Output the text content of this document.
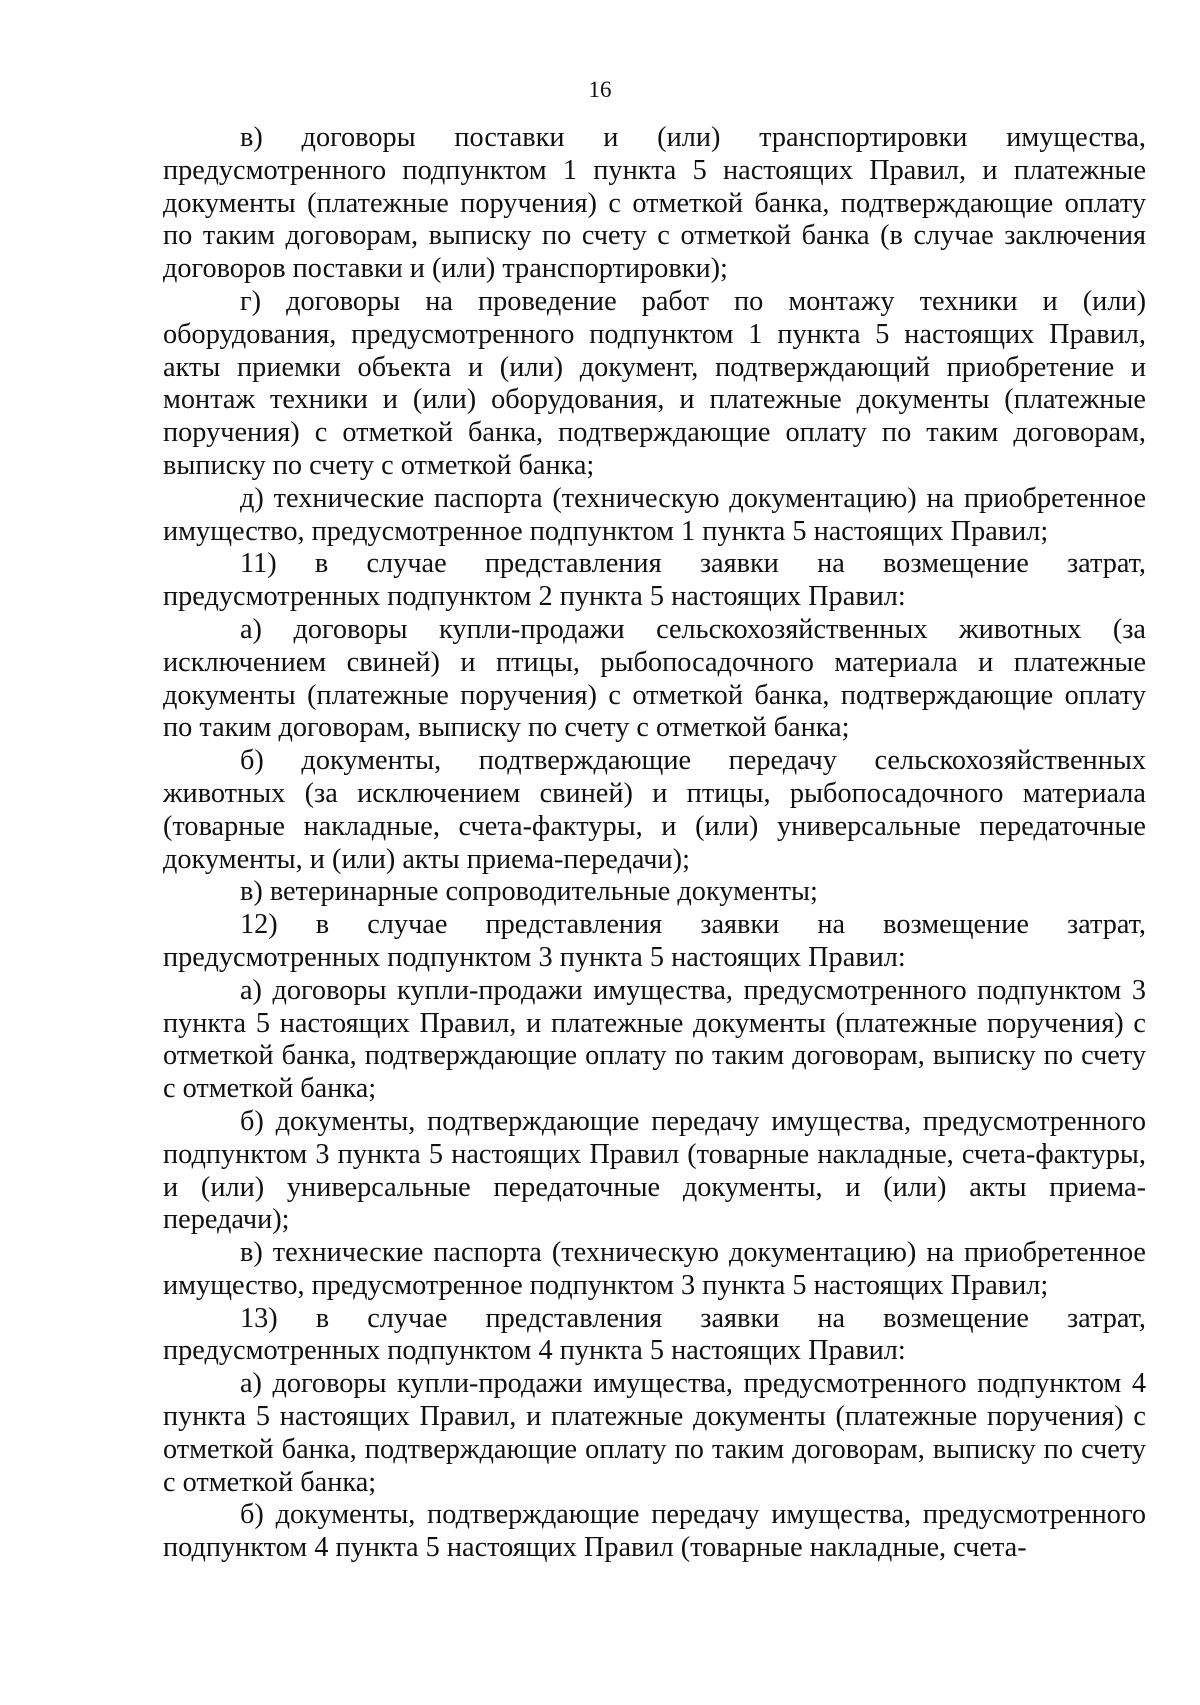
16

в) договоры поставки и (или) транспортировки имущества, предусмотренного подпунктом 1 пункта 5 настоящих Правил, и платежные документы (платежные поручения) с отметкой банка, подтверждающие оплату по таким договорам, выписку по счету с отметкой банка (в случае заключения договоров поставки и (или) транспортировки);

г) договоры на проведение работ по монтажу техники и (или) оборудования, предусмотренного подпунктом 1 пункта 5 настоящих Правил, акты приемки объекта и (или) документ, подтверждающий приобретение и монтаж техники и (или) оборудования, и платежные документы (платежные поручения) с отметкой банка, подтверждающие оплату по таким договорам, выписку по счету с отметкой банка;

д) технические паспорта (техническую документацию) на приобретенное имущество, предусмотренное подпунктом 1 пункта 5 настоящих Правил;

11) в случае представления заявки на возмещение затрат, предусмотренных подпунктом 2 пункта 5 настоящих Правил:

а) договоры купли-продажи сельскохозяйственных животных (за исключением свиней) и птицы, рыбопосадочного материала и платежные документы (платежные поручения) с отметкой банка, подтверждающие оплату по таким договорам, выписку по счету с отметкой банка;

б) документы, подтверждающие передачу сельскохозяйственных животных (за исключением свиней) и птицы, рыбопосадочного материала (товарные накладные, счета-фактуры, и (или) универсальные передаточные документы, и (или) акты приема-передачи);

в) ветеринарные сопроводительные документы;

12) в случае представления заявки на возмещение затрат, предусмотренных подпунктом 3 пункта 5 настоящих Правил:

а) договоры купли-продажи имущества, предусмотренного подпунктом 3 пункта 5 настоящих Правил, и платежные документы (платежные поручения) с отметкой банка, подтверждающие оплату по таким договорам, выписку по счету с отметкой банка;

б) документы, подтверждающие передачу имущества, предусмотренного подпунктом 3 пункта 5 настоящих Правил (товарные накладные, счета-фактуры, и (или) универсальные передаточные документы, и (или) акты приема-передачи);

в) технические паспорта (техническую документацию) на приобретенное имущество, предусмотренное подпунктом 3 пункта 5 настоящих Правил;

13) в случае представления заявки на возмещение затрат, предусмотренных подпунктом 4 пункта 5 настоящих Правил:

а) договоры купли-продажи имущества, предусмотренного подпунктом 4 пункта 5 настоящих Правил, и платежные документы (платежные поручения) с отметкой банка, подтверждающие оплату по таким договорам, выписку по счету с отметкой банка;

б) документы, подтверждающие передачу имущества, предусмотренного подпунктом 4 пункта 5 настоящих Правил (товарные накладные, счета-
